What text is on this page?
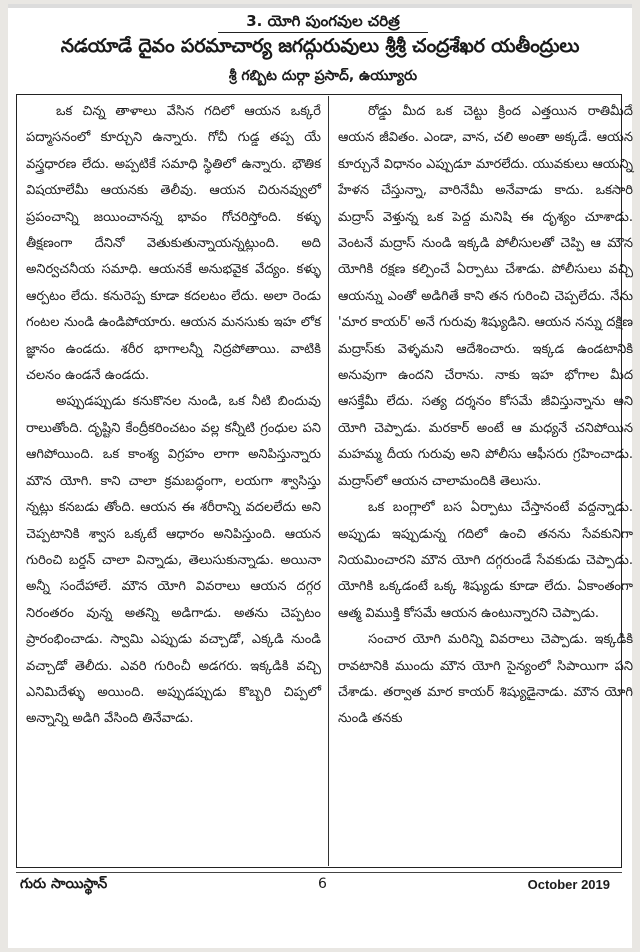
3. యోగి పుంగవుల చరిత్ర
నడయాడే దైవం పరమాచార్య జగద్గురువులు శ్రీశ్రీ చంద్రశేఖర యతీంద్రులు
శ్రీ గబ్బిట దుర్గా ప్రసాద్, ఉయ్యూరు

ఒక చిన్న తాళాలు వేసిన గదిలో ఆయన ఒక్కరే పద్మాసనంలో కూర్చుని ఉన్నారు. గోచీ గుడ్డ తప్ప యే వస్త్రధారణ లేదు. అప్పటికే సమాధి స్థితిలో ఉన్నారు. భౌతిక విషయాలేమీ ఆయనకు తెలీవు. ఆయన చిరునవ్వులో ప్రపంచాన్ని జయించానన్న భావం గోచరిస్తోంది. కళ్ళు తీక్షణంగా దేనినో వెతుకుతున్నాయన్నట్లుంది. అది అనిర్వచనీయ సమాధి. ఆయనకే అనుభవైక వేద్యం. కళ్ళు ఆర్పటం లేదు. కనురెప్ప కూడా కదలటం లేదు. అలా రెండు గంటల నుండి ఉండిపోయారు. ఆయన మనసుకు ఇహ లోక జ్ఞానం ఉండదు. శరీర భాగాలన్నీ నిద్రపోతాయి. వాటికి చలనం ఉండనే ఉండదు.

అప్పుడప్పుడు కనుకొనల నుండి, ఒక నీటి బిందువు రాలుతోంది. దృష్టిని కేంద్రీకరించటం వల్ల కన్నీటి గ్రంధుల పని ఆగిపోయింది. ఒక కాంశ్య విగ్రహం లాగా అనిపిస్తున్నారు మౌన యోగి. కాని చాలా క్రమబద్ధంగా, లయగా శ్వాసిస్తు న్నట్లు కనబడు తోంది. ఆయన ఈ శరీరాన్ని వదలలేదు అని చెప్పటానికి శ్వాస ఒక్కటే ఆధారం అనిపిస్తుంది. ఆయన గురించి బర్డన్ చాలా విన్నాడు, తెలుసుకున్నాడు. అయినా అన్నీ సందేహాలే. మౌన యోగి వివరాలు ఆయన దగ్గర నిరంతరం వున్న అతన్ని అడిగాడు. అతను చెప్పటం ప్రారంభించాడు. స్వామి ఎప్పుడు వచ్చాడో, ఎక్కడి నుండి వచ్చాడో తెలీదు. ఎవరి గురించీ అడగరు. ఇక్కడికి వచ్చి ఎనిమిదేళ్ళు అయింది. అప్పుడప్పుడు కొబ్బరి చిప్పలో అన్నాన్ని అడిగి వేసింది తినేవాడు.

రోడ్డు మీద ఒక చెట్టు క్రింద ఎత్తయిన రాతిమీదే ఆయన జీవితం. ఎండా, వాన, చలి అంతా అక్కడే. ఆయన కూర్చునే విధానం ఎప్పుడూ మారలేదు. యువకులు ఆయన్ని హేళన చేస్తున్నా, వారినేమీ అనేవాడు కాదు. ఒకసారి మద్రాస్ వెళ్తున్న ఒక పెద్ద మనిషి ఈ దృశ్యం చూశాడు. వెంటనే మద్రాస్ నుండి ఇక్కడి పోలీసులతో చెప్పి ఆ మౌన యోగికి రక్షణ కల్పించే ఏర్పాటు చేశాడు. పోలీసులు వచ్చి ఆయన్ను ఎంతో అడిగితే కాని తన గురించి చెప్పలేదు. నేను 'మార కాయర్' అనే గురువు శిష్యుడిని. ఆయన నన్ను దక్షిణ మద్రాస్‌కు వెళ్ళమని ఆదేశించారు. ఇక్కడ ఉండటానికి అనువుగా ఉందని చేరాను. నాకు ఇహ భోగాల మీద ఆసక్తేమీ లేదు. సత్య దర్శనం కోసమే జీవిస్తున్నాను అని యోగి చెప్పాడు. మరకార్ అంటే ఆ మధ్యనే చనిపోయిన మహమ్మ దీయ గురువు అని పోలీసు ఆఫీసరు గ్రహించాడు. మద్రాస్‌లో ఆయన చాలామందికి తెలుసు.

ఒక బంగ్లాలో బస ఏర్పాటు చేస్తానంటే వద్దన్నాడు. అప్పుడు ఇప్పుడున్న గదిలో ఉంచి తనను సేవకునిగా నియమించారని మౌన యోగి దగ్గరుండే సేవకుడు చెప్పాడు. యోగికి ఒక్కడంటే ఒక్క శిష్యుడు కూడా లేదు. ఏకాంతంగా ఆత్మ విముక్తి కోసమే ఆయన ఉంటున్నారని చెప్పాడు.

సంచార యోగి మరిన్ని వివరాలు చెప్పాడు. ఇక్కడికి రావటానికి ముందు మౌన యోగి సైన్యంలో సిపాయిగా పని చేశాడు. తర్వాత మార కాయర్ శిష్యుడైనాడు. మౌన యోగి నుండి తనకు

గురు సాయిస్థాన్	6	October 2019
